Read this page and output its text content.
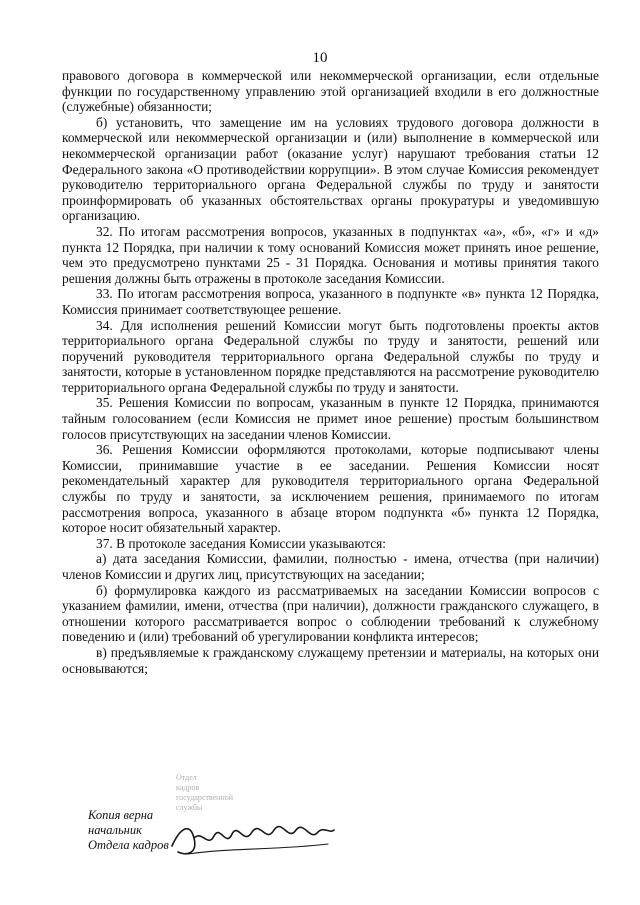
10

правового договора в коммерческой или некоммерческой организации, если отдельные функции по государственному управлению этой организацией входили в его должностные (служебные) обязанности;

б) установить, что замещение им на условиях трудового договора должности в коммерческой или некоммерческой организации и (или) выполнение в коммерческой или некоммерческой организации работ (оказание услуг) нарушают требования статьи 12 Федерального закона «О противодействии коррупции». В этом случае Комиссия рекомендует руководителю территориального органа Федеральной службы по труду и занятости проинформировать об указанных обстоятельствах органы прокуратуры и уведомившую организацию.

32. По итогам рассмотрения вопросов, указанных в подпунктах «а», «б», «г» и «д» пункта 12 Порядка, при наличии к тому оснований Комиссия может принять иное решение, чем это предусмотрено пунктами 25 - 31 Порядка. Основания и мотивы принятия такого решения должны быть отражены в протоколе заседания Комиссии.

33. По итогам рассмотрения вопроса, указанного в подпункте «в» пункта 12 Порядка, Комиссия принимает соответствующее решение.

34. Для исполнения решений Комиссии могут быть подготовлены проекты актов территориального органа Федеральной службы по труду и занятости, решений или поручений руководителя территориального органа Федеральной службы по труду и занятости, которые в установленном порядке представляются на рассмотрение руководителю территориального органа Федеральной службы по труду и занятости.

35. Решения Комиссии по вопросам, указанным в пункте 12 Порядка, принимаются тайным голосованием (если Комиссия не примет иное решение) простым большинством голосов присутствующих на заседании членов Комиссии.

36. Решения Комиссии оформляются протоколами, которые подписывают члены Комиссии, принимавшие участие в ее заседании. Решения Комиссии носят рекомендательный характер для руководителя территориального органа Федеральной службы по труду и занятости, за исключением решения, принимаемого по итогам рассмотрения вопроса, указанного в абзаце втором подпункта «б» пункта 12 Порядка, которое носит обязательный характер.

37. В протоколе заседания Комиссии указываются:

а) дата заседания Комиссии, фамилии, полностью - имена, отчества (при наличии) членов Комиссии и других лиц, присутствующих на заседании;

б) формулировка каждого из рассматриваемых на заседании Комиссии вопросов с указанием фамилии, имени, отчества (при наличии), должности гражданского служащего, в отношении которого рассматривается вопрос о соблюдении требований к служебному поведению и (или) требований об урегулировании конфликта интересов;

в) предъявляемые к гражданскому служащему претензии и материалы, на которых они основываются;

Отдел
кадров
государственной
службы
Копия верна
начальник
Отдела кадров
